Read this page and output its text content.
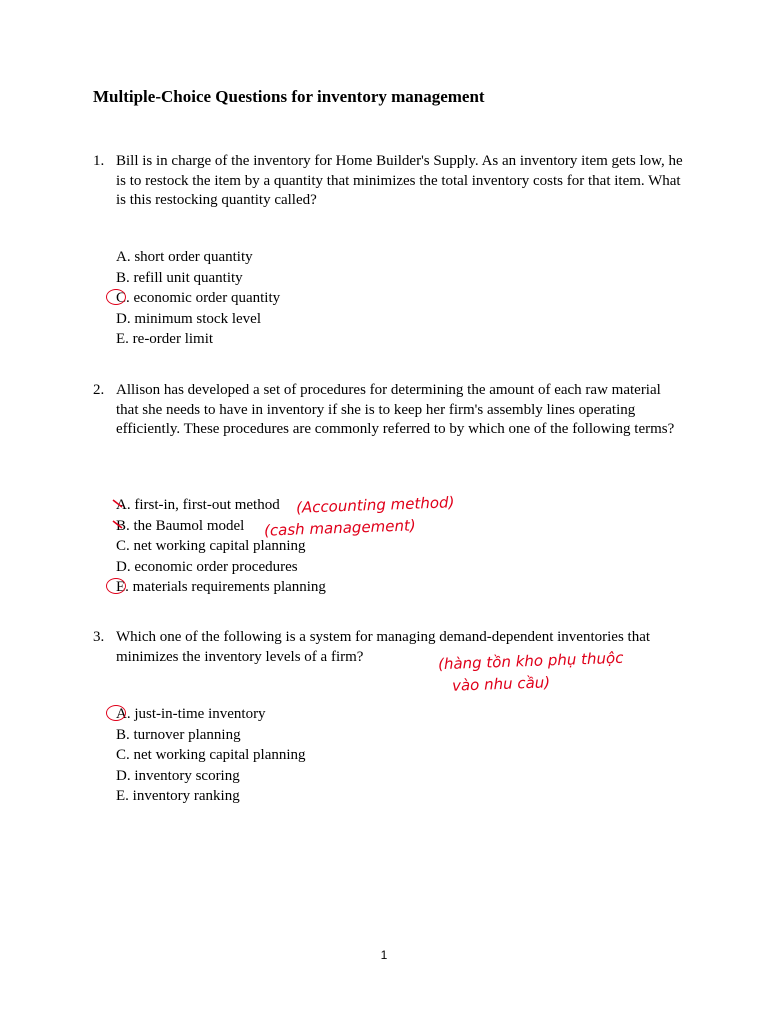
Multiple-Choice Questions for inventory management
1. Bill is in charge of the inventory for Home Builder's Supply. As an inventory item gets low, he is to restock the item by a quantity that minimizes the total inventory costs for that item. What is this restocking quantity called?
A. short order quantity
B. refill unit quantity
C. economic order quantity
D. minimum stock level
E. re-order limit
2. Allison has developed a set of procedures for determining the amount of each raw material that she needs to have in inventory if she is to keep her firm's assembly lines operating efficiently. These procedures are commonly referred to by which one of the following terms?
A. first-in, first-out method
B. the Baumol model
C. net working capital planning
D. economic order procedures
E. materials requirements planning
(Accounting method)
(cash management)
3. Which one of the following is a system for managing demand-dependent inventories that minimizes the inventory levels of a firm?	(hàng tồn kho phụ thuộc
vào nhu cầu)
A. just-in-time inventory
B. turnover planning
C. net working capital planning
D. inventory scoring
E. inventory ranking
1
